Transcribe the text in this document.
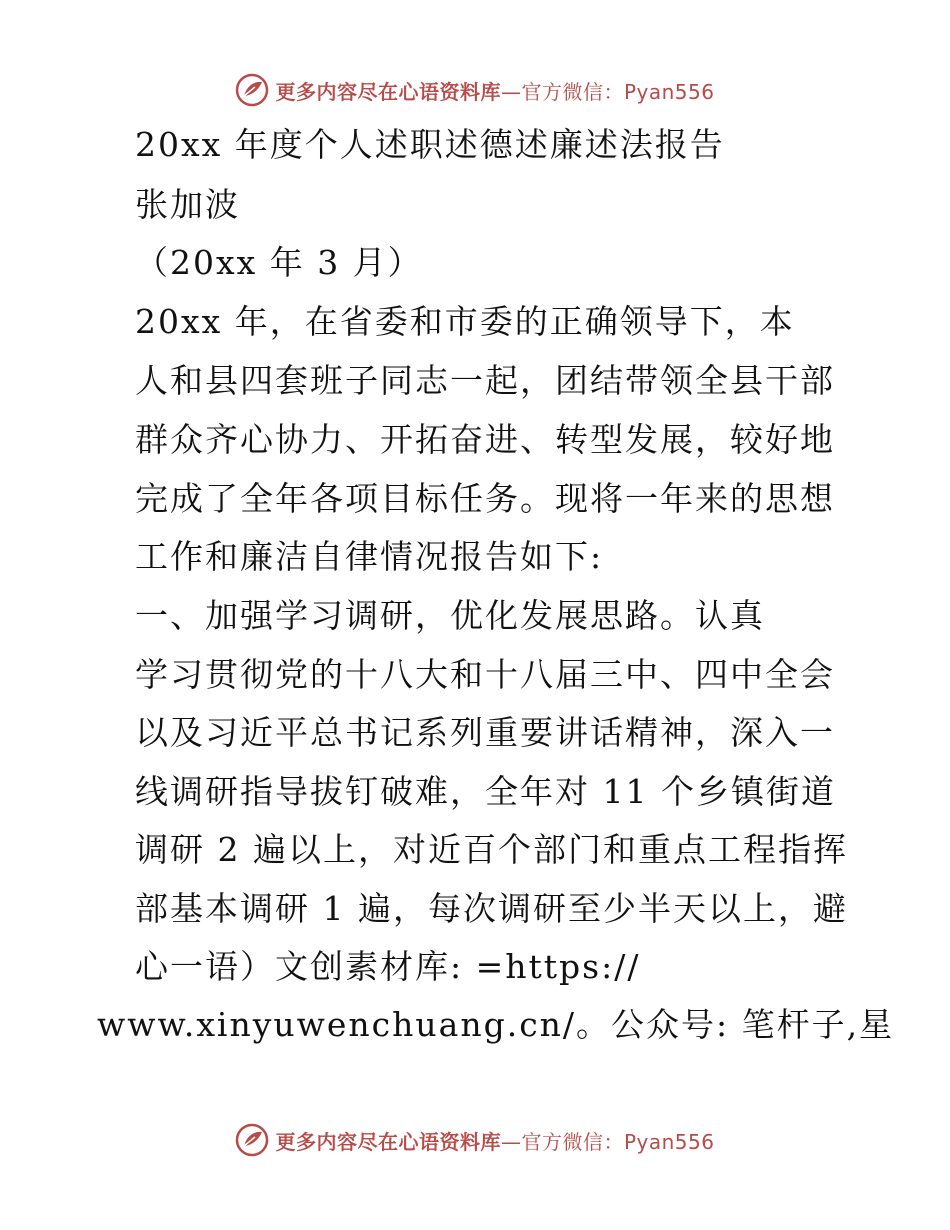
更多内容尽在心语资料库—官方微信：Pyan556
20xx 年度个人述职述德述廉述法报告
张加波
（20xx 年 3 月）
20xx 年，在省委和市委的正确领导下，本
人和县四套班子同志一起，团结带领全县干部
群众齐心协力、开拓奋进、转型发展，较好地
完成了全年各项目标任务。现将一年来的思想
工作和廉洁自律情况报告如下:
一、加强学习调研，优化发展思路。认真
学习贯彻党的十八大和十八届三中、四中全会
以及习近平总书记系列重要讲话精神，深入一
线调研指导拔钉破难，全年对 11 个乡镇街道
调研 2 遍以上，对近百个部门和重点工程指挥
部基本调研 1 遍，每次调研至少半天以上，避
心一语）文创素材库: =https://
www.xinyuwenchuang.cn/。公众号: 笔杆子,星
更多内容尽在心语资料库—官方微信：Pyan556
